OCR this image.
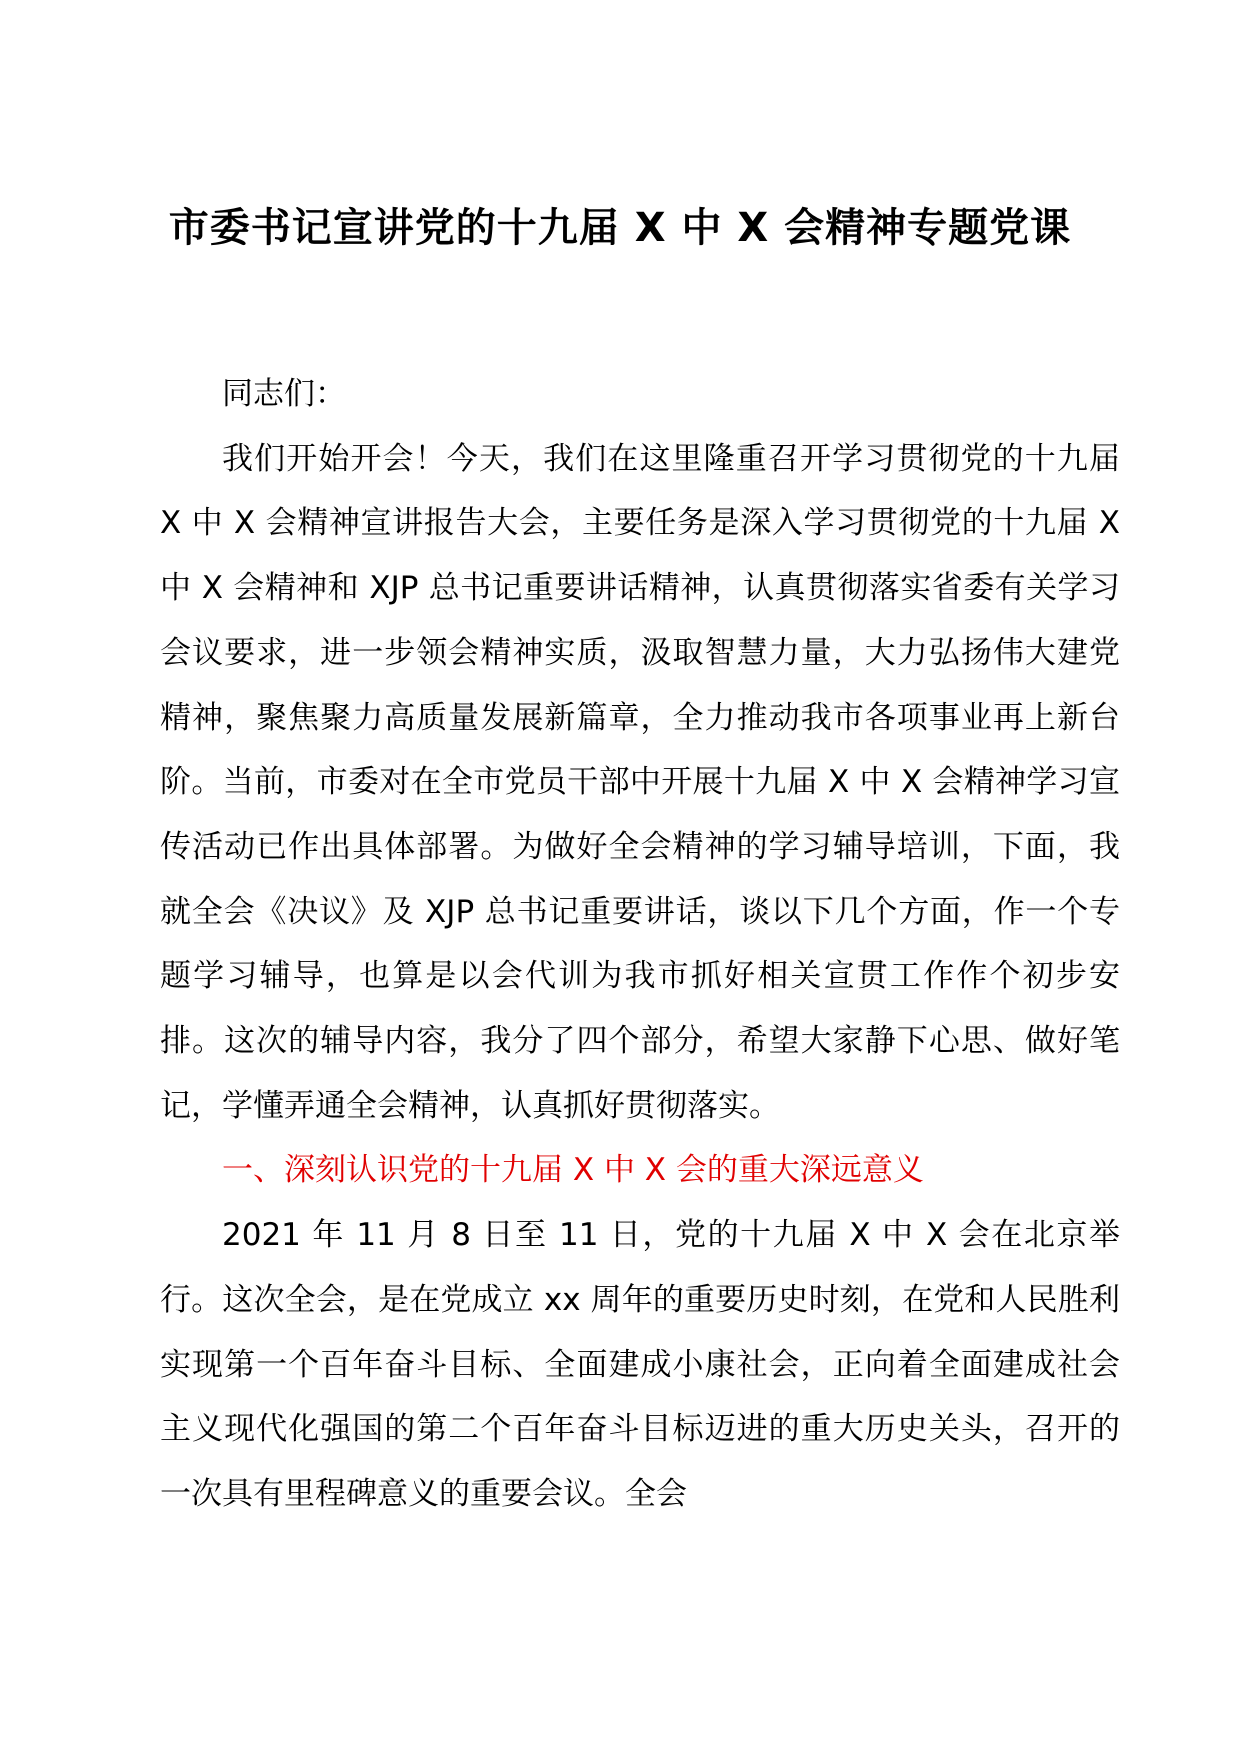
市委书记宣讲党的十九届 X 中 X 会精神专题党课

同志们：

我们开始开会！今天，我们在这里隆重召开学习贯彻党的十九届 X 中 X 会精神宣讲报告大会，主要任务是深入学习贯彻党的十九届 X 中 X 会精神和 XJP 总书记重要讲话精神，认真贯彻落实省委有关学习会议要求，进一步领会精神实质，汲取智慧力量，大力弘扬伟大建党精神，聚焦聚力高质量发展新篇章，全力推动我市各项事业再上新台阶。当前，市委对在全市党员干部中开展十九届 X 中 X 会精神学习宣传活动已作出具体部署。为做好全会精神的学习辅导培训，下面，我就全会《决议》及 XJP 总书记重要讲话，谈以下几个方面，作一个专题学习辅导，也算是以会代训为我市抓好相关宣贯工作作个初步安排。这次的辅导内容，我分了四个部分，希望大家静下心思、做好笔记，学懂弄通全会精神，认真抓好贯彻落实。

一、深刻认识党的十九届 X 中 X 会的重大深远意义

2021 年 11 月 8 日至 11 日，党的十九届 X 中 X 会在北京举行。这次全会，是在党成立 xx 周年的重要历史时刻，在党和人民胜利实现第一个百年奋斗目标、全面建成小康社会，正向着全面建成社会主义现代化强国的第二个百年奋斗目标迈进的重大历史关头，召开的一次具有里程碑意义的重要会议。全会
